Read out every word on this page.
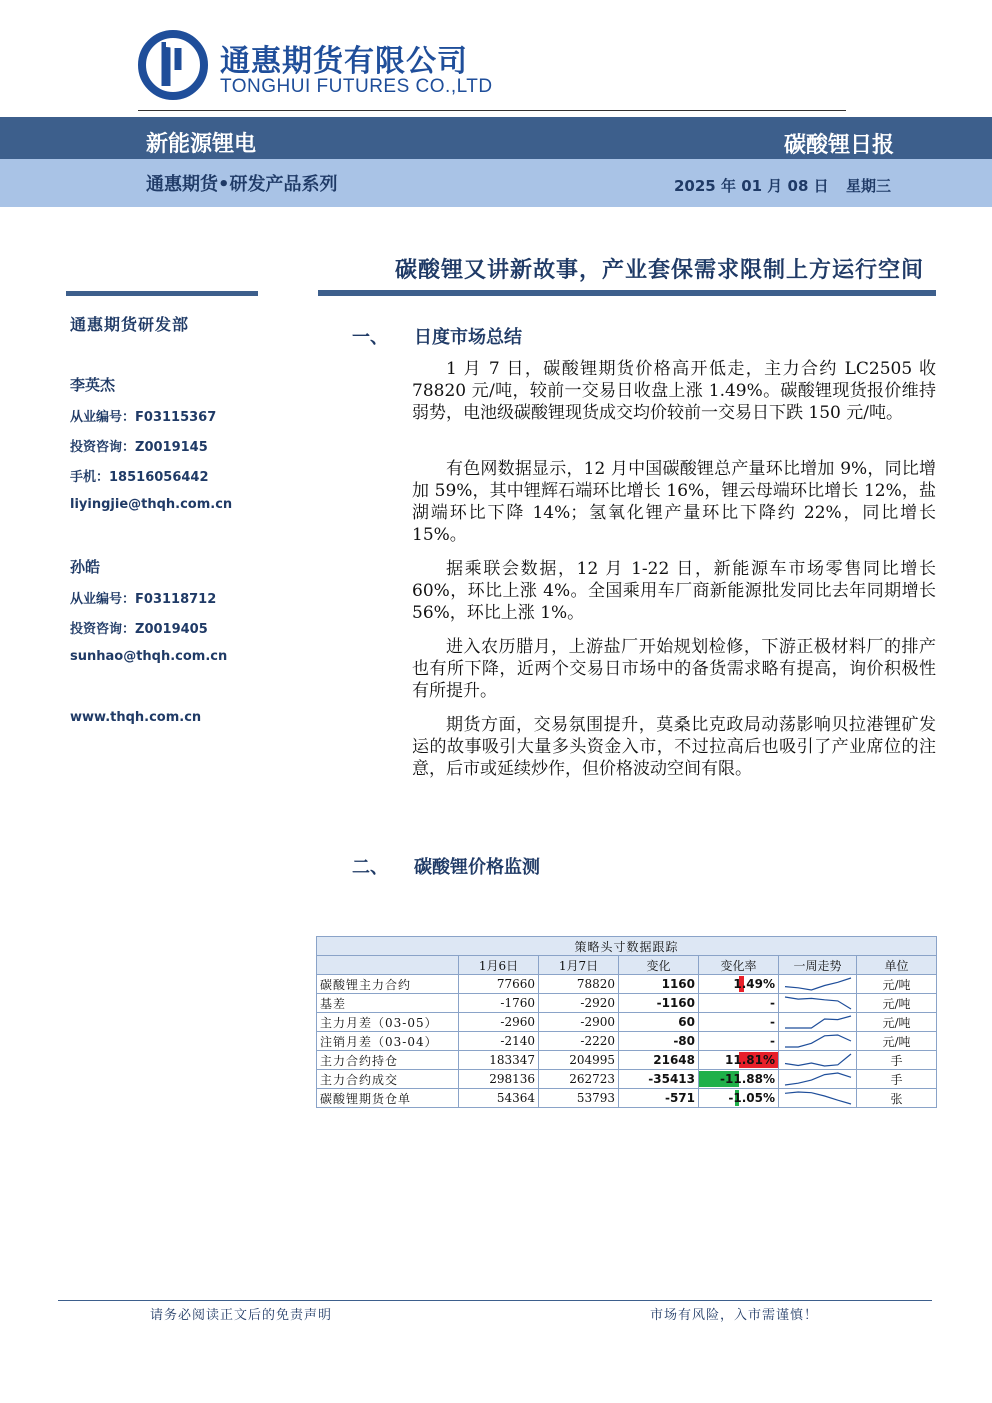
通惠期货有限公司
TONGHUI FUTURES CO.,LTD
新能源锂电	碳酸锂日报
通惠期货•研发产品系列	2025 年 01 月 08 日 星期三
碳酸锂又讲新故事，产业套保需求限制上方运行空间
通惠期货研发部
李英杰
从业编号：F03115367
投资咨询：Z0019145
手机：18516056442
liyingjie@thqh.com.cn
孙皓
从业编号：F03118712
投资咨询：Z0019405
sunhao@thqh.com.cn
www.thqh.com.cn
一、 日度市场总结

1 月 7 日，碳酸锂期货价格高开低走，主力合约 LC2505 收 78820 元/吨，较前一交易日收盘上涨 1.49%。碳酸锂现货报价维持弱势，电池级碳酸锂现货成交均价较前一交易日下跌 150 元/吨。

有色网数据显示，12 月中国碳酸锂总产量环比增加 9%，同比增加 59%，其中锂辉石端环比增长 16%，锂云母端环比增长 12%，盐湖端环比下降 14%；氢氧化锂产量环比下降约 22%，同比增长 15%。

据乘联会数据，12 月 1-22 日，新能源车市场零售同比增长 60%，环比上涨 4%。全国乘用车厂商新能源批发同比去年同期增长 56%，环比上涨 1%。

进入农历腊月，上游盐厂开始规划检修，下游正极材料厂的排产也有所下降，近两个交易日市场中的备货需求略有提高，询价积极性有所提升。

期货方面，交易氛围提升，莫桑比克政局动荡影响贝拉港锂矿发运的故事吸引大量多头资金入市，不过拉高后也吸引了产业席位的注意，后市或延续炒作，但价格波动空间有限。

二、 碳酸锂价格监测
策略头寸数据跟踪						
	1月6日	1月7日	变化	变化率	一周走势	单位
碳酸锂主力合约	77660	78820	1160	1.49%		元/吨
基差	-1760	-2920	-1160	-		元/吨
主力月差（03-05）	-2960	-2900	60	-		元/吨
注销月差（03-04）	-2140	-2220	-80	-		元/吨
主力合约持仓	183347	204995	21648	11.81%		手
主力合约成交	298136	262723	-35413	-11.88%		手
碳酸锂期货仓单	54364	53793	-571	-1.05%		张
请务必阅读正文后的免责声明	市场有风险，入市需谨慎！
